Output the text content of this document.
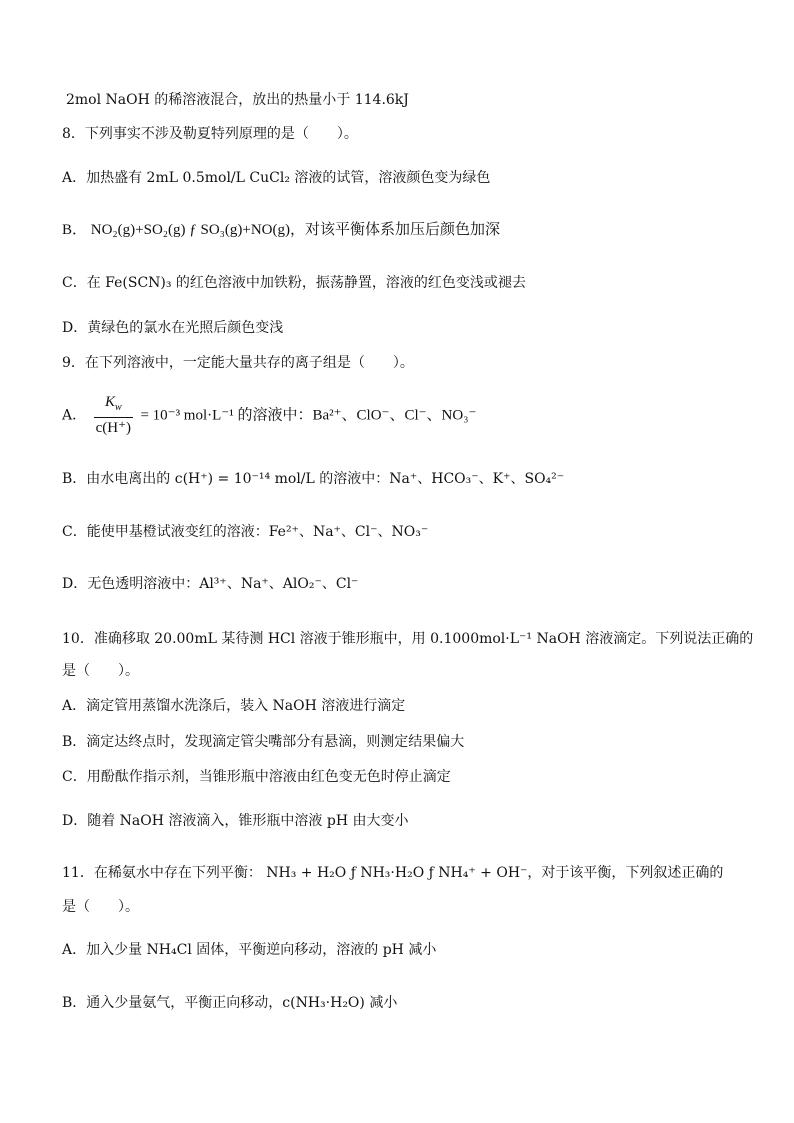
2mol NaOH 的稀溶液混合，放出的热量小于 114.6kJ
8．下列事实不涉及勒夏特列原理的是（　　）。
A．加热盛有 2mL 0.5mol/L CuCl₂ 溶液的试管，溶液颜色变为绿色
B． NO₂(g)+SO₂(g) ƒ SO₃(g)+NO(g)，对该平衡体系加压后颜色加深
C．在 Fe(SCN)₃ 的红色溶液中加铁粉，振荡静置，溶液的红色变浅或褪去
D．黄绿色的氯水在光照后颜色变浅
9．在下列溶液中，一定能大量共存的离子组是（　　）。
A． $\frac{K_w}{c(H^+)} = 10^{-3}$ mol·L⁻¹ 的溶液中：Ba²⁺、ClO⁻、Cl⁻、NO₃⁻
B．由水电离出的 c(H⁺) = 10⁻¹⁴ mol/L 的溶液中：Na⁺、HCO₃⁻、K⁺、SO₄²⁻
C．能使甲基橙试液变红的溶液：Fe²⁺、Na⁺、Cl⁻、NO₃⁻
D．无色透明溶液中：Al³⁺、Na⁺、AlO₂⁻、Cl⁻
10．准确移取 20.00mL 某待测 HCl 溶液于锥形瓶中，用 0.1000mol·L⁻¹ NaOH 溶液滴定。下列说法正确的
是（　　）。
A．滴定管用蒸馏水洗涤后，装入 NaOH 溶液进行滴定
B．滴定达终点时，发现滴定管尖嘴部分有悬滴，则测定结果偏大
C．用酚酞作指示剂，当锥形瓶中溶液由红色变无色时停止滴定
D．随着 NaOH 溶液滴入，锥形瓶中溶液 pH 由大变小
11．在稀氨水中存在下列平衡： NH₃ + H₂O ƒ NH₃·H₂O ƒ NH₄⁺ + OH⁻，对于该平衡，下列叙述正确的
是（　　）。
A．加入少量 NH₄Cl 固体，平衡逆向移动，溶液的 pH 减小
B．通入少量氨气，平衡正向移动，c(NH₃·H₂O) 减小
